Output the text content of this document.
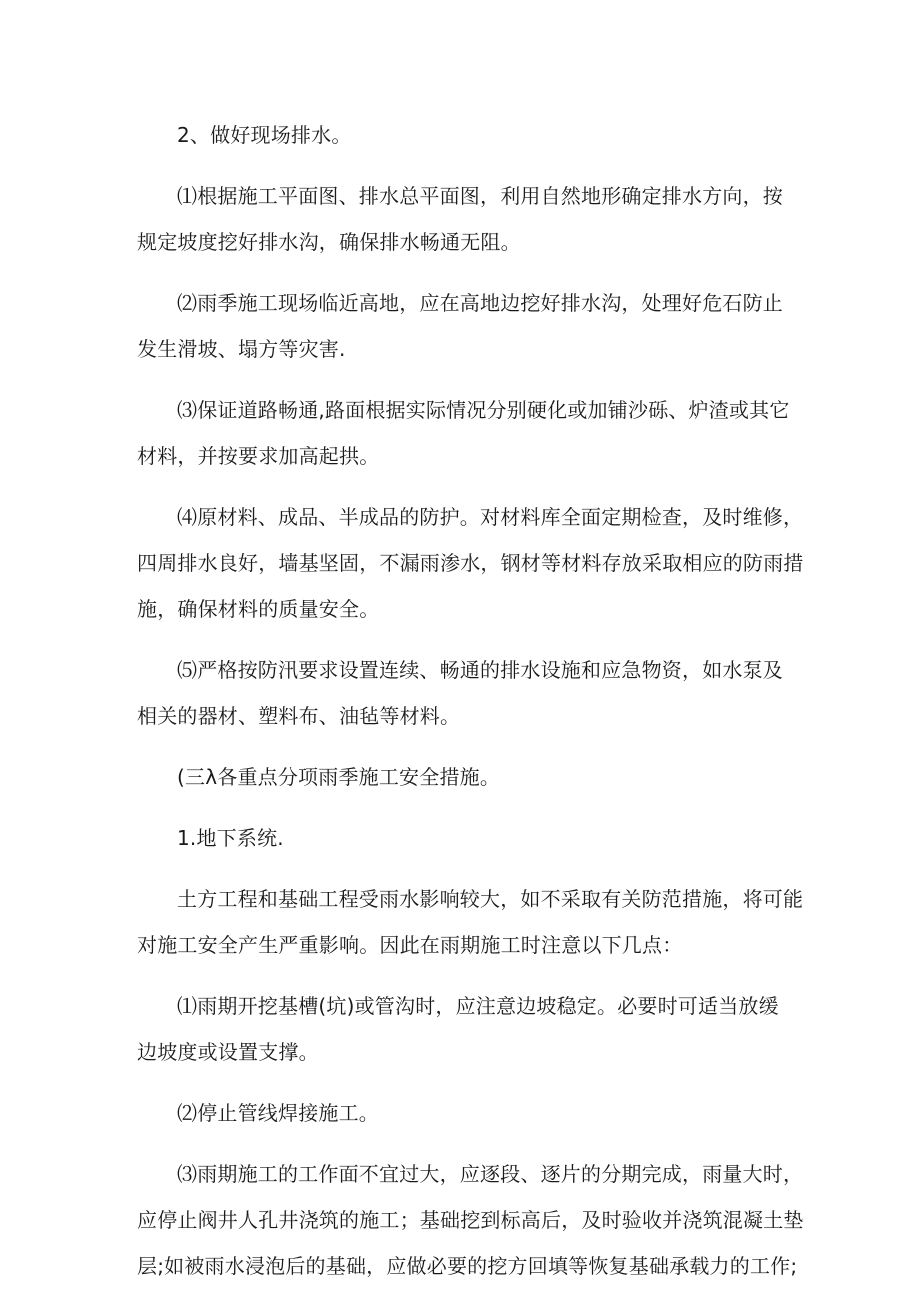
2、做好现场排水。

⑴根据施工平面图、排水总平面图，利用自然地形确定排水方向，按
规定坡度挖好排水沟，确保排水畅通无阻。

⑵雨季施工现场临近高地，应在高地边挖好排水沟，处理好危石防止
发生滑坡、塌方等灾害.

⑶保证道路畅通,路面根据实际情况分别硬化或加铺沙砾、炉渣或其它
材料，并按要求加高起拱。

⑷原材料、成品、半成品的防护。对材料库全面定期检查，及时维修，
四周排水良好，墙基坚固，不漏雨渗水，钢材等材料存放采取相应的防雨措
施，确保材料的质量安全。

⑸严格按防汛要求设置连续、畅通的排水设施和应急物资，如水泵及
相关的器材、塑料布、油毡等材料。

(三λ各重点分项雨季施工安全措施。

1.地下系统.

土方工程和基础工程受雨水影响较大，如不采取有关防范措施，将可能
对施工安全产生严重影响。因此在雨期施工时注意以下几点：

⑴雨期开挖基槽(坑)或管沟时，应注意边坡稳定。必要时可适当放缓
边坡度或设置支撑。

⑵停止管线焊接施工。

⑶雨期施工的工作面不宜过大，应逐段、逐片的分期完成，雨量大时，
应停止阀井人孔井浇筑的施工；基础挖到标高后，及时验收并浇筑混凝土垫
层;如被雨水浸泡后的基础，应做必要的挖方回填等恢复基础承载力的工作;
